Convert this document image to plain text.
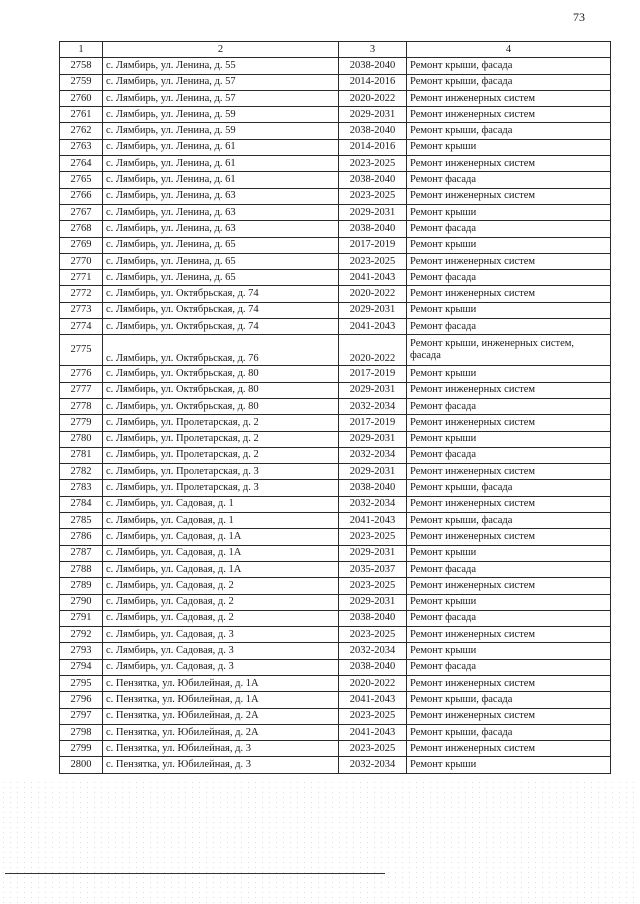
73
1	2	3	4
2758	с. Лямбирь, ул. Ленина, д. 55	2038-2040	Ремонт крыши, фасада
2759	с. Лямбирь, ул. Ленина, д. 57	2014-2016	Ремонт крыши, фасада
2760	с. Лямбирь, ул. Ленина, д. 57	2020-2022	Ремонт инженерных систем
2761	с. Лямбирь, ул. Ленина, д. 59	2029-2031	Ремонт инженерных систем
2762	с. Лямбирь, ул. Ленина, д. 59	2038-2040	Ремонт крыши, фасада
2763	с. Лямбирь, ул. Ленина, д. 61	2014-2016	Ремонт крыши
2764	с. Лямбирь, ул. Ленина, д. 61	2023-2025	Ремонт инженерных систем
2765	с. Лямбирь, ул. Ленина, д. 61	2038-2040	Ремонт фасада
2766	с. Лямбирь, ул. Ленина, д. 63	2023-2025	Ремонт инженерных систем
2767	с. Лямбирь, ул. Ленина, д. 63	2029-2031	Ремонт крыши
2768	с. Лямбирь, ул. Ленина, д. 63	2038-2040	Ремонт фасада
2769	с. Лямбирь, ул. Ленина, д. 65	2017-2019	Ремонт крыши
2770	с. Лямбирь, ул. Ленина, д. 65	2023-2025	Ремонт инженерных систем
2771	с. Лямбирь, ул. Ленина, д. 65	2041-2043	Ремонт фасада
2772	с. Лямбирь, ул. Октябрьская, д. 74	2020-2022	Ремонт инженерных систем
2773	с. Лямбирь, ул. Октябрьская, д. 74	2029-2031	Ремонт крыши
2774	с. Лямбирь, ул. Октябрьская, д. 74	2041-2043	Ремонт фасада
2775	с. Лямбирь, ул. Октябрьская, д. 76	2020-2022	Ремонт крыши, инженерных систем, фасада
2776	с. Лямбирь, ул. Октябрьская, д. 80	2017-2019	Ремонт крыши
2777	с. Лямбирь, ул. Октябрьская, д. 80	2029-2031	Ремонт инженерных систем
2778	с. Лямбирь, ул. Октябрьская, д. 80	2032-2034	Ремонт фасада
2779	с. Лямбирь, ул. Пролетарская, д. 2	2017-2019	Ремонт инженерных систем
2780	с. Лямбирь, ул. Пролетарская, д. 2	2029-2031	Ремонт крыши
2781	с. Лямбирь, ул. Пролетарская, д. 2	2032-2034	Ремонт фасада
2782	с. Лямбирь, ул. Пролетарская, д. 3	2029-2031	Ремонт инженерных систем
2783	с. Лямбирь, ул. Пролетарская, д. 3	2038-2040	Ремонт крыши, фасада
2784	с. Лямбирь, ул. Садовая, д. 1	2032-2034	Ремонт инженерных систем
2785	с. Лямбирь, ул. Садовая, д. 1	2041-2043	Ремонт крыши, фасада
2786	с. Лямбирь, ул. Садовая, д. 1А	2023-2025	Ремонт инженерных систем
2787	с. Лямбирь, ул. Садовая, д. 1А	2029-2031	Ремонт крыши
2788	с. Лямбирь, ул. Садовая, д. 1А	2035-2037	Ремонт фасада
2789	с. Лямбирь, ул. Садовая, д. 2	2023-2025	Ремонт инженерных систем
2790	с. Лямбирь, ул. Садовая, д. 2	2029-2031	Ремонт крыши
2791	с. Лямбирь, ул. Садовая, д. 2	2038-2040	Ремонт фасада
2792	с. Лямбирь, ул. Садовая, д. 3	2023-2025	Ремонт инженерных систем
2793	с. Лямбирь, ул. Садовая, д. 3	2032-2034	Ремонт крыши
2794	с. Лямбирь, ул. Садовая, д. 3	2038-2040	Ремонт фасада
2795	с. Пензятка, ул. Юбилейная, д. 1А	2020-2022	Ремонт инженерных систем
2796	с. Пензятка, ул. Юбилейная, д. 1А	2041-2043	Ремонт крыши, фасада
2797	с. Пензятка, ул. Юбилейная, д. 2А	2023-2025	Ремонт инженерных систем
2798	с. Пензятка, ул. Юбилейная, д. 2А	2041-2043	Ремонт крыши, фасада
2799	с. Пензятка, ул. Юбилейная, д. 3	2023-2025	Ремонт инженерных систем
2800	с. Пензятка, ул. Юбилейная, д. 3	2032-2034	Ремонт крыши
